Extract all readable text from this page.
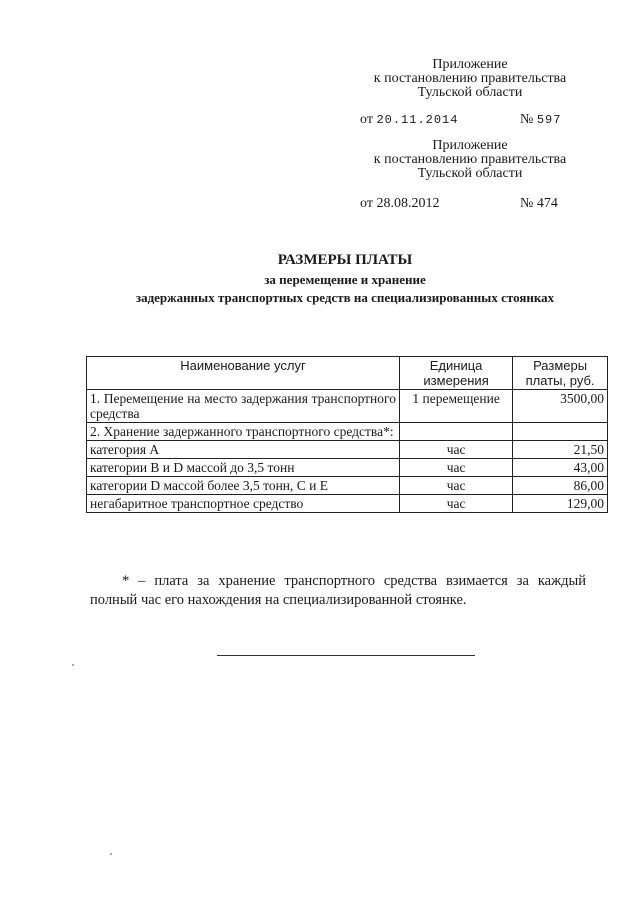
Приложение
к постановлению правительства
Тульской области
от 20.11.2014	№ 597
Приложение
к постановлению правительства
Тульской области
от 28.08.2012	№ 474
РАЗМЕРЫ ПЛАТЫ
за перемещение и хранение
задержанных транспортных средств на специализированных стоянках
Наименование услуг	Единица измерения	Размеры платы, руб.
1. Перемещение на место задержания транспортного средства	1 перемещение	3500,00
2. Хранение задержанного транспортного средства*:		
категория А	час	21,50
категории В и D массой до 3,5 тонн	час	43,00
категории D массой более 3,5 тонн, С и Е	час	86,00
негабаритное транспортное средство	час	129,00
* – плата за хранение транспортного средства взимается за каждый полный час его нахождения на специализированной стоянке.
